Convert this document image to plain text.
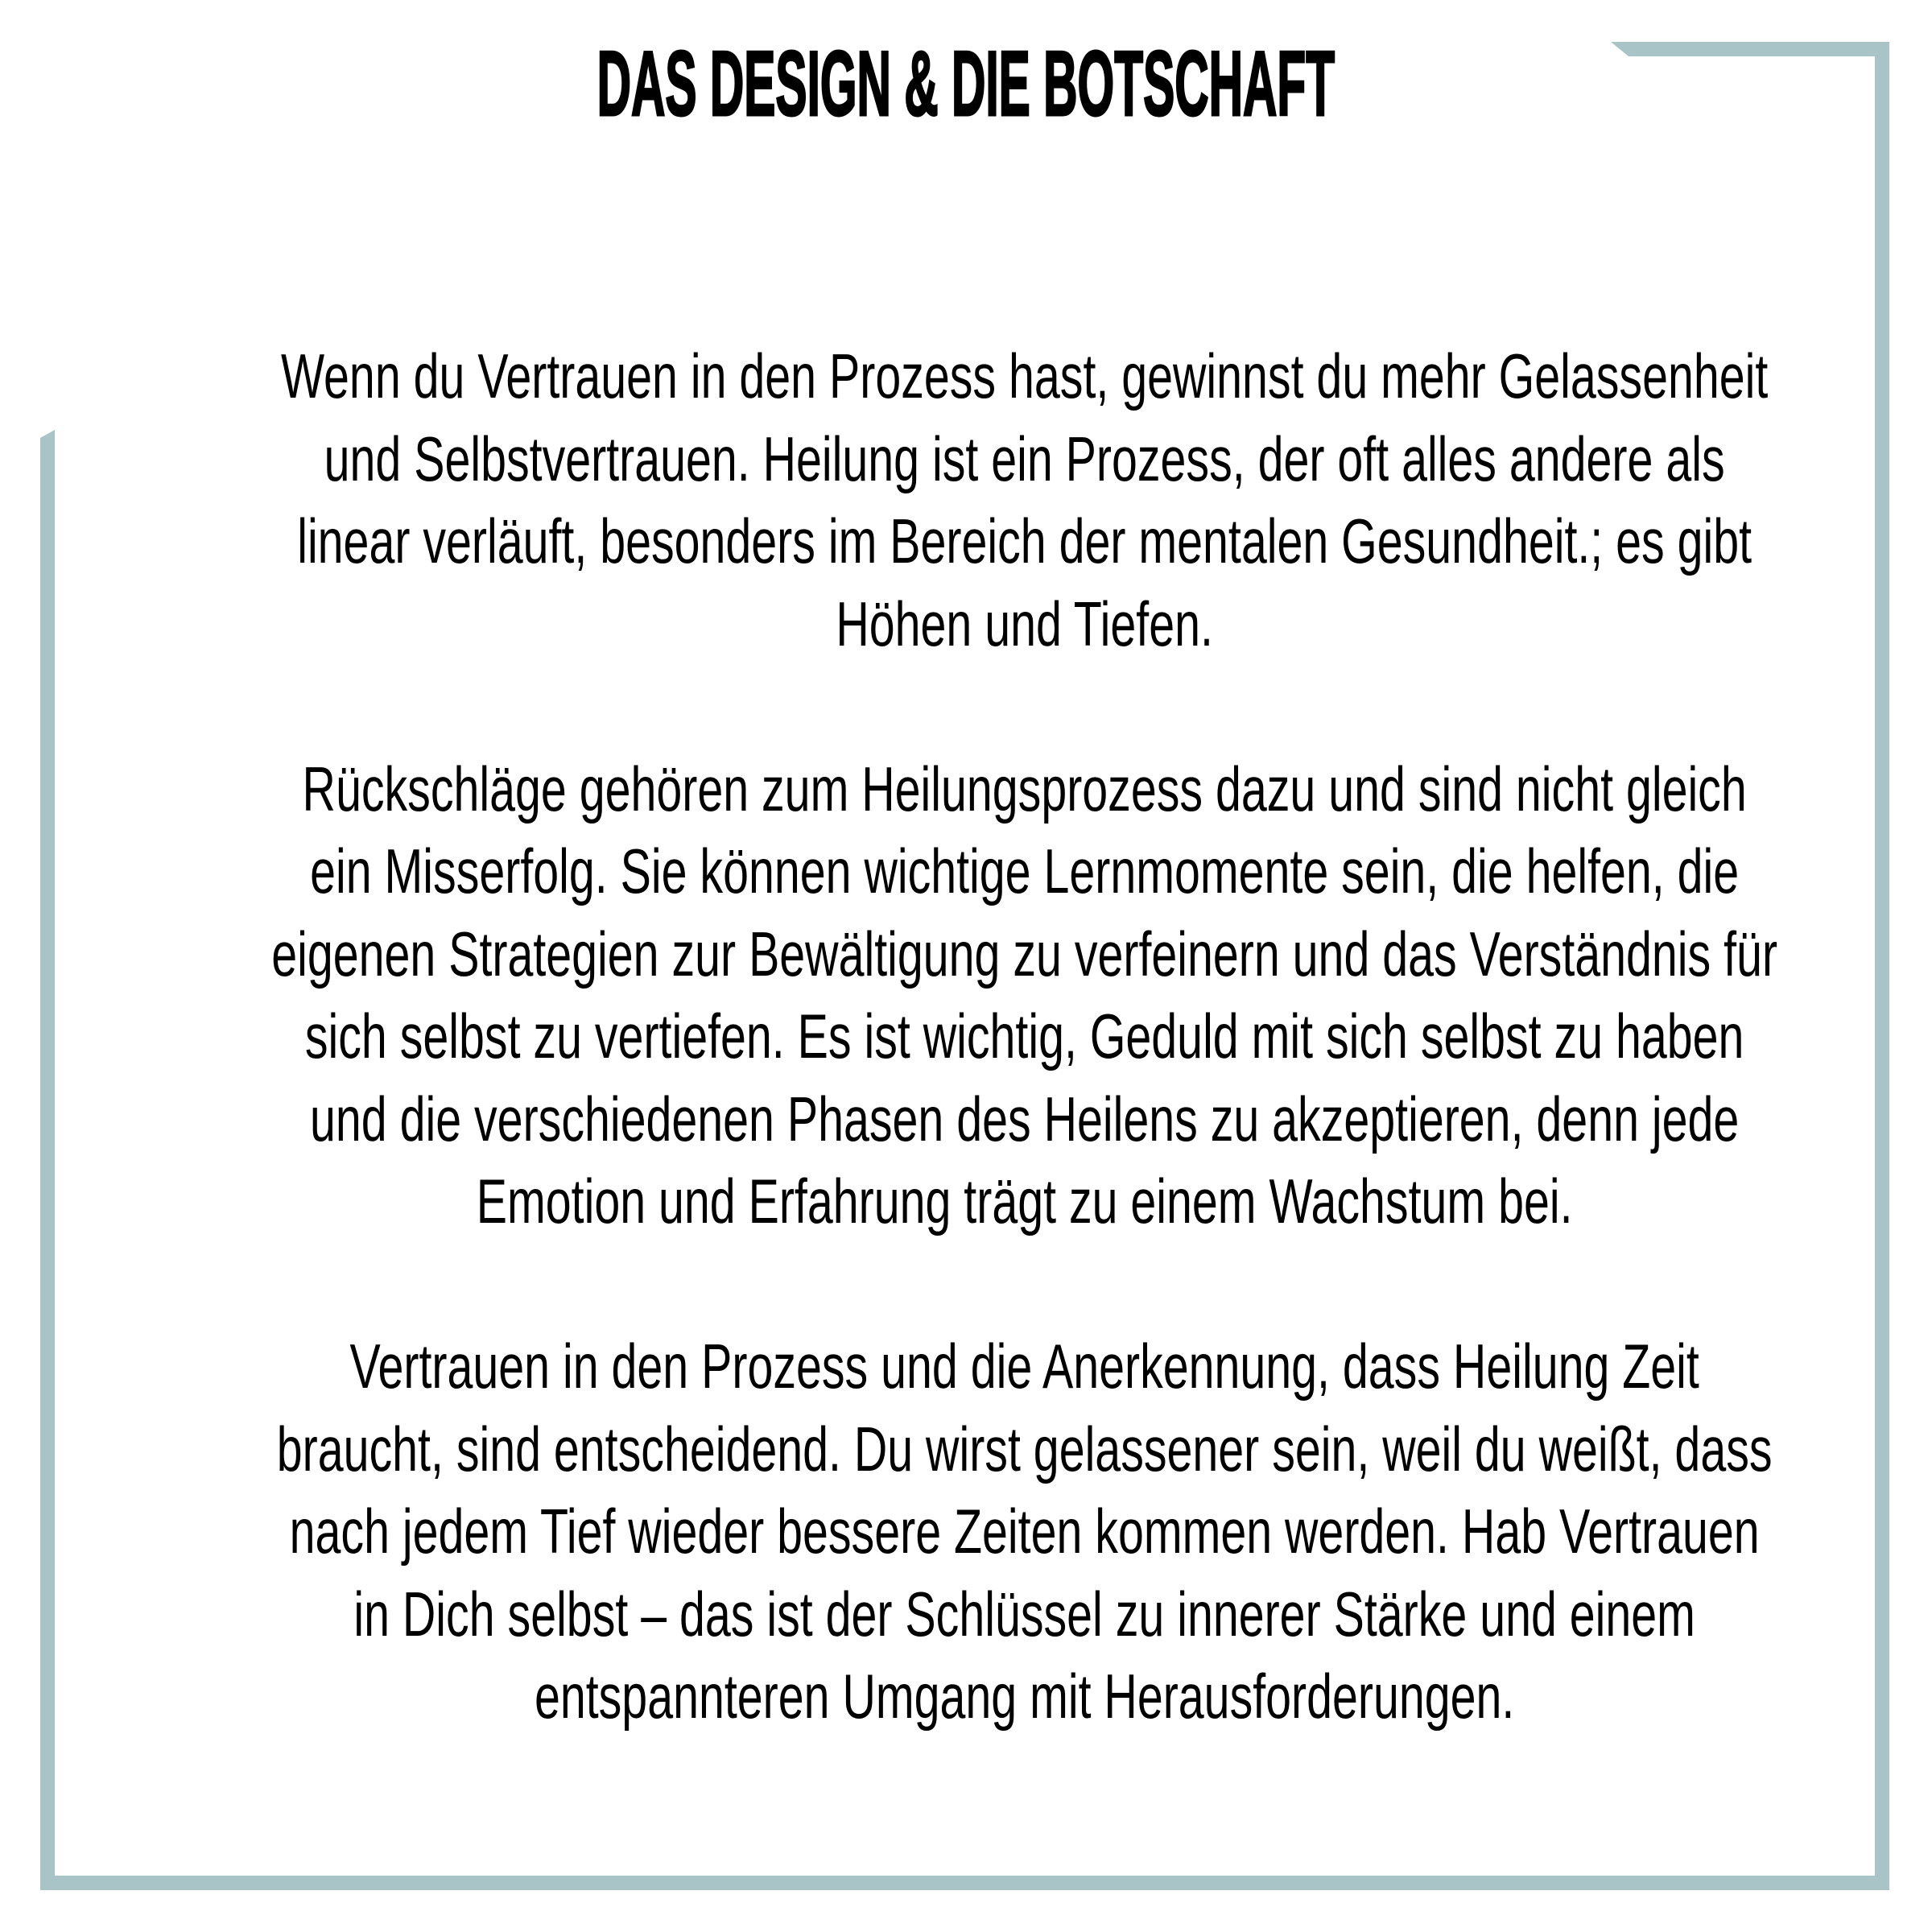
DAS DESIGN & DIE BOTSCHAFT
Wenn du Vertrauen in den Prozess hast, gewinnst du mehr Gelassenheit
und Selbstvertrauen. Heilung ist ein Prozess, der oft alles andere als
linear verläuft, besonders im Bereich der mentalen Gesundheit.; es gibt
Höhen und Tiefen.
Rückschläge gehören zum Heilungsprozess dazu und sind nicht gleich
ein Misserfolg. Sie können wichtige Lernmomente sein, die helfen, die
eigenen Strategien zur Bewältigung zu verfeinern und das Verständnis für
sich selbst zu vertiefen. Es ist wichtig, Geduld mit sich selbst zu haben
und die verschiedenen Phasen des Heilens zu akzeptieren, denn jede
Emotion und Erfahrung trägt zu einem Wachstum bei.
Vertrauen in den Prozess und die Anerkennung, dass Heilung Zeit
braucht, sind entscheidend. Du wirst gelassener sein, weil du weißt, dass
nach jedem Tief wieder bessere Zeiten kommen werden. Hab Vertrauen
in Dich selbst – das ist der Schlüssel zu innerer Stärke und einem
entspannteren Umgang mit Herausforderungen.
